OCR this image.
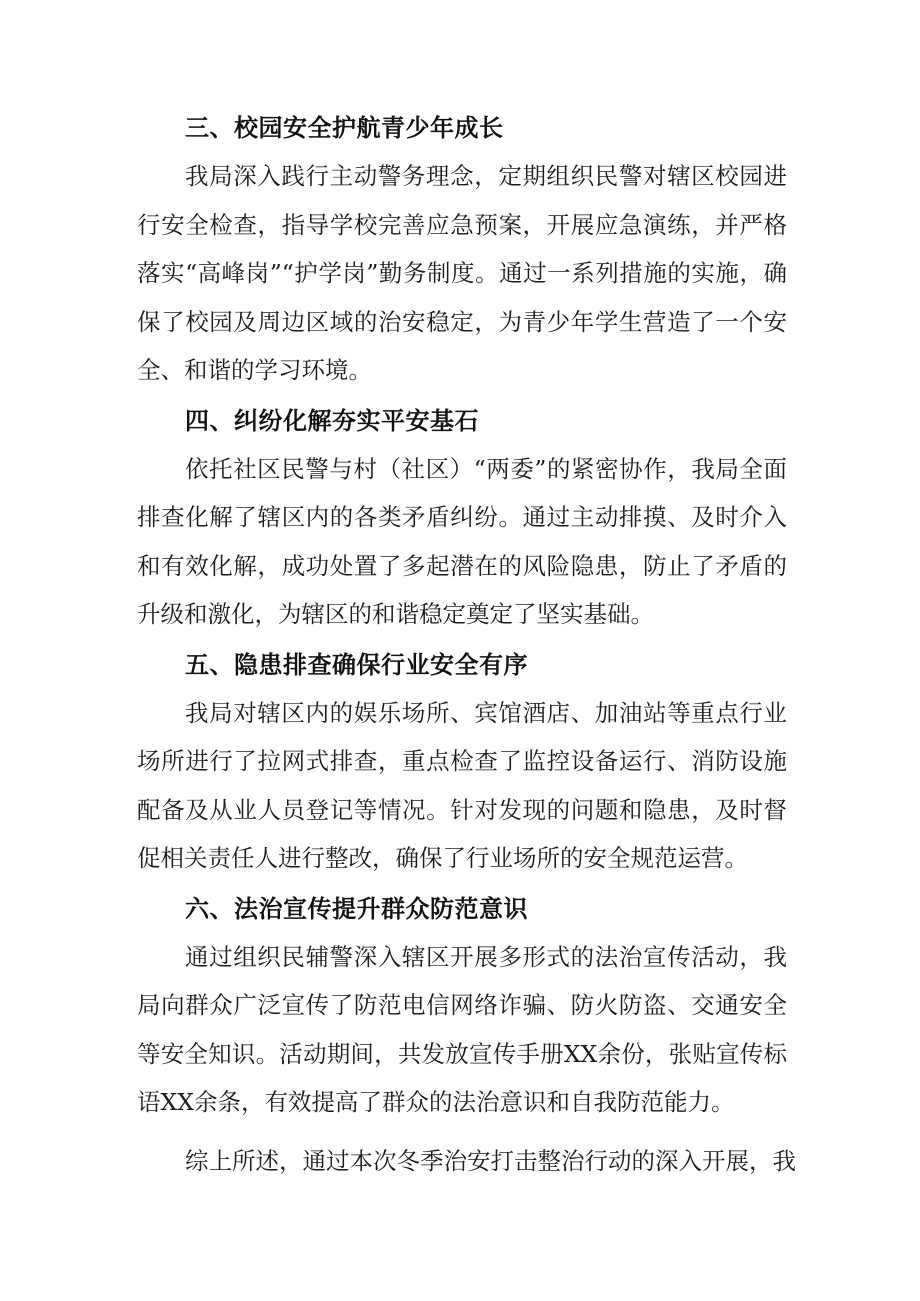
三、校园安全护航青少年成长

我局深入践行主动警务理念，定期组织民警对辖区校园进行安全检查，指导学校完善应急预案，开展应急演练，并严格落实“高峰岗”“护学岗”勤务制度。通过一系列措施的实施，确保了校园及周边区域的治安稳定，为青少年学生营造了一个安全、和谐的学习环境。

四、纠纷化解夯实平安基石

依托社区民警与村（社区）“两委”的紧密协作，我局全面排查化解了辖区内的各类矛盾纠纷。通过主动排摸、及时介入和有效化解，成功处置了多起潜在的风险隐患，防止了矛盾的升级和激化，为辖区的和谐稳定奠定了坚实基础。

五、隐患排查确保行业安全有序

我局对辖区内的娱乐场所、宾馆酒店、加油站等重点行业场所进行了拉网式排查，重点检查了监控设备运行、消防设施配备及从业人员登记等情况。针对发现的问题和隐患，及时督促相关责任人进行整改，确保了行业场所的安全规范运营。

六、法治宣传提升群众防范意识

通过组织民辅警深入辖区开展多形式的法治宣传活动，我局向群众广泛宣传了防范电信网络诈骗、防火防盗、交通安全等安全知识。活动期间，共发放宣传手册XX余份，张贴宣传标语XX余条，有效提高了群众的法治意识和自我防范能力。

综上所述，通过本次冬季治安打击整治行动的深入开展，我
